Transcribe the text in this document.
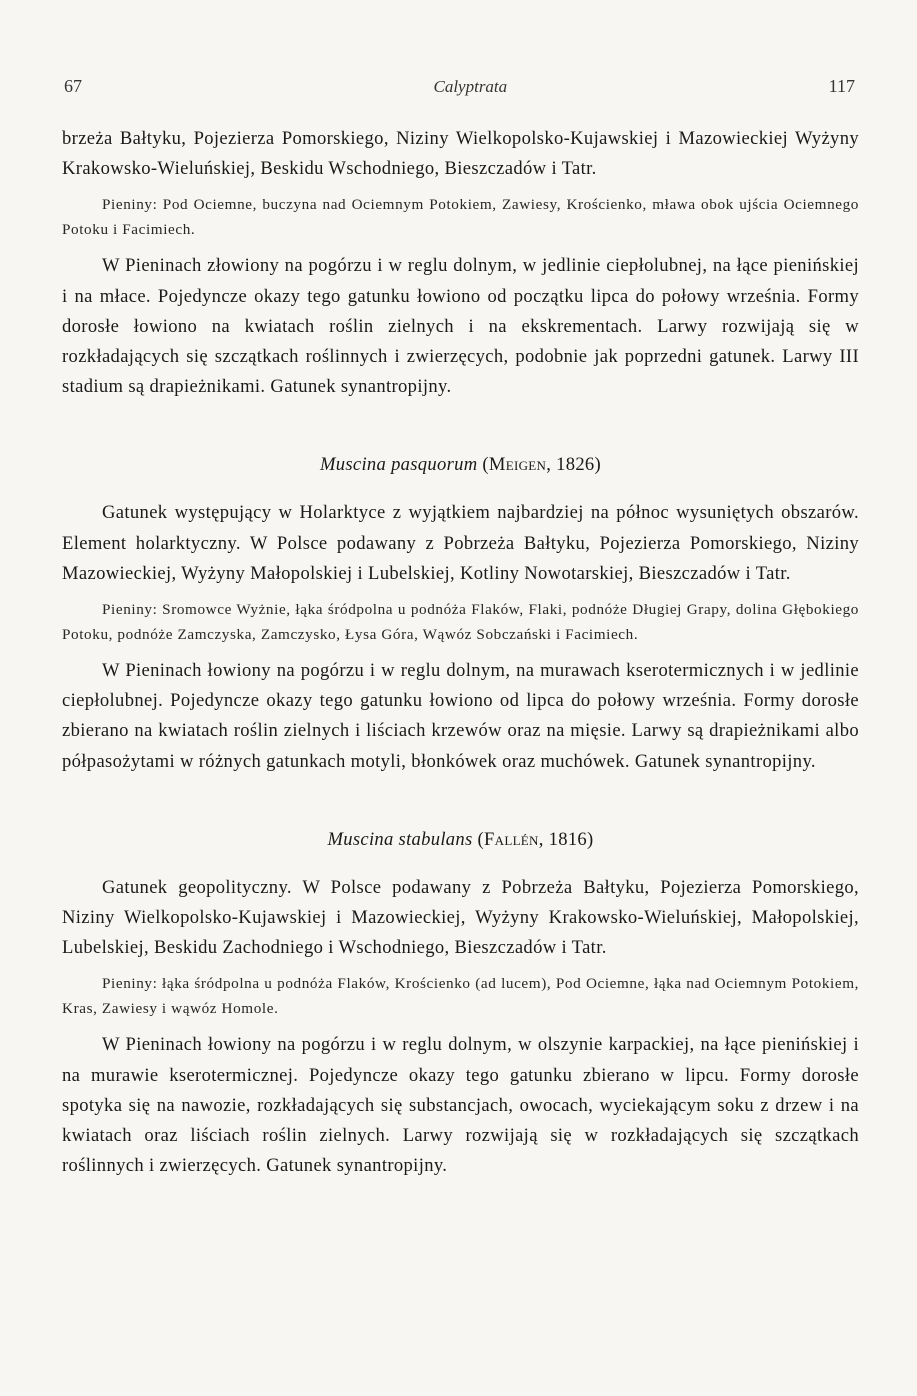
67	Calyptrata	117

brzeża Bałtyku, Pojezierza Pomorskiego, Niziny Wielkopolsko-Kujawskiej i Mazowieckiej Wyżyny Krakowsko-Wieluńskiej, Beskidu Wschodniego, Bieszczadów i Tatr.

Pieniny: Pod Ociemne, buczyna nad Ociemnym Potokiem, Zawiesy, Krościenko, mława obok ujścia Ociemnego Potoku i Facimiech.

W Pieninach złowiony na pogórzu i w reglu dolnym, w jedlinie ciepłolubnej, na łące pienińskiej i na młace. Pojedyncze okazy tego gatunku łowiono od początku lipca do połowy września. Formy dorosłe łowiono na kwiatach roślin zielnych i na ekskrementach. Larwy rozwijają się w rozkładających się szczątkach roślinnych i zwierzęcych, podobnie jak poprzedni gatunek. Larwy III stadium są drapieżnikami. Gatunek synantropijny.

Muscina pasquorum (Meigen, 1826)

Gatunek występujący w Holarktyce z wyjątkiem najbardziej na północ wysuniętych obszarów. Element holarktyczny. W Polsce podawany z Pobrzeża Bałtyku, Pojezierza Pomorskiego, Niziny Mazowieckiej, Wyżyny Małopolskiej i Lubelskiej, Kotliny Nowotarskiej, Bieszczadów i Tatr.

Pieniny: Sromowce Wyżnie, łąka śródpolna u podnóża Flaków, Flaki, podnóże Długiej Grapy, dolina Głębokiego Potoku, podnóże Zamczyska, Zamczysko, Łysa Góra, Wąwóz Sobczański i Facimiech.

W Pieninach łowiony na pogórzu i w reglu dolnym, na murawach kserotermicznych i w jedlinie ciepłolubnej. Pojedyncze okazy tego gatunku łowiono od lipca do połowy września. Formy dorosłe zbierano na kwiatach roślin zielnych i liściach krzewów oraz na mięsie. Larwy są drapieżnikami albo półpasożytami w różnych gatunkach motyli, błonkówek oraz muchówek. Gatunek synantropijny.

Muscina stabulans (Fallén, 1816)

Gatunek geopolityczny. W Polsce podawany z Pobrzeża Bałtyku, Pojezierza Pomorskiego, Niziny Wielkopolsko-Kujawskiej i Mazowieckiej, Wyżyny Krakowsko-Wieluńskiej, Małopolskiej, Lubelskiej, Beskidu Zachodniego i Wschodniego, Bieszczadów i Tatr.

Pieniny: łąka śródpolna u podnóża Flaków, Krościenko (ad lucem), Pod Ociemne, łąka nad Ociemnym Potokiem, Kras, Zawiesy i wąwóz Homole.

W Pieninach łowiony na pogórzu i w reglu dolnym, w olszynie karpackiej, na łące pienińskiej i na murawie kserotermicznej. Pojedyncze okazy tego gatunku zbierano w lipcu. Formy dorosłe spotyka się na nawozie, rozkładających się substancjach, owocach, wyciekającym soku z drzew i na kwiatach oraz liściach roślin zielnych. Larwy rozwijają się w rozkładających się szczątkach roślinnych i zwierzęcych. Gatunek synantropijny.
